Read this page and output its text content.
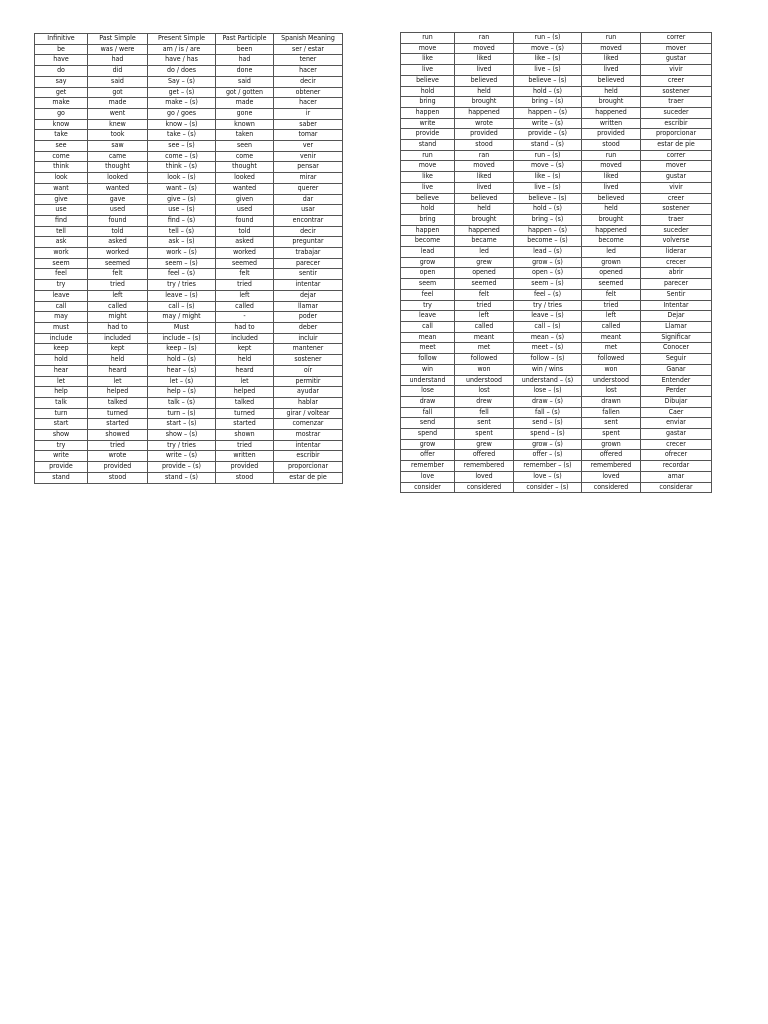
Infinitive	Past Simple	Present Simple	Past Participle	Spanish Meaning
be	was / were	am / is / are	been	ser / estar
have	had	have / has	had	tener
do	did	do / does	done	hacer
say	said	Say – (s)	said	decir
get	got	get – (s)	got / gotten	obtener
make	made	make – (s)	made	hacer
go	went	go / goes	gone	ir
know	knew	know – (s)	known	saber
take	took	take – (s)	taken	tomar
see	saw	see – (s)	seen	ver
come	came	come – (s)	come	venir
think	thought	think – (s)	thought	pensar
look	looked	look – (s)	looked	mirar
want	wanted	want – (s)	wanted	querer
give	gave	give – (s)	given	dar
use	used	use – (s)	used	usar
find	found	find – (s)	found	encontrar
tell	told	tell – (s)	told	decir
ask	asked	ask – (s)	asked	preguntar
work	worked	work – (s)	worked	trabajar
seem	seemed	seem – (s)	seemed	parecer
feel	felt	feel – (s)	felt	sentir
try	tried	try / tries	tried	intentar
leave	left	leave – (s)	left	dejar
call	called	call – (s)	called	llamar
may	might	may / might	-	poder
must	had to	Must	had to	deber
include	included	include – (s)	included	incluir
keep	kept	keep – (s)	kept	mantener
hold	held	hold – (s)	held	sostener
hear	heard	hear – (s)	heard	oír
let	let	let – (s)	let	permitir
help	helped	help – (s)	helped	ayudar
talk	talked	talk – (s)	talked	hablar
turn	turned	turn – (s)	turned	girar / voltear
start	started	start – (s)	started	comenzar
show	showed	show – (s)	shown	mostrar
try	tried	try / tries	tried	intentar
write	wrote	write – (s)	written	escribir
provide	provided	provide – (s)	provided	proporcionar
stand	stood	stand – (s)	stood	estar de pie
run	ran	run – (s)	run	correr
move	moved	move – (s)	moved	mover
like	liked	like – (s)	liked	gustar
live	lived	live – (s)	lived	vivir
believe	believed	believe – (s)	believed	creer
hold	held	hold – (s)	held	sostener
bring	brought	bring – (s)	brought	traer
happen	happened	happen – (s)	happened	suceder
write	wrote	write – (s)	written	escribir
provide	provided	provide – (s)	provided	proporcionar
stand	stood	stand – (s)	stood	estar de pie
run	ran	run – (s)	run	correr
move	moved	move – (s)	moved	mover
like	liked	like – (s)	liked	gustar
live	lived	live – (s)	lived	vivir
believe	believed	believe – (s)	believed	creer
hold	held	hold – (s)	held	sostener
bring	brought	bring – (s)	brought	traer
happen	happened	happen – (s)	happened	suceder
become	became	become – (s)	become	volverse
lead	led	lead – (s)	led	liderar
grow	grew	grow – (s)	grown	crecer
open	opened	open – (s)	opened	abrir
seem	seemed	seem – (s)	seemed	parecer
feel	felt	feel – (s)	felt	Sentir
try	tried	try / tries	tried	Intentar
leave	left	leave – (s)	left	Dejar
call	called	call – (s)	called	Llamar
mean	meant	mean – (s)	meant	Significar
meet	met	meet – (s)	met	Conocer
follow	followed	follow – (s)	followed	Seguir
win	won	win / wins	won	Ganar
understand	understood	understand – (s)	understood	Entender
lose	lost	lose – (s)	lost	Perder
draw	drew	draw – (s)	drawn	Dibujar
fall	fell	fall – (s)	fallen	Caer
send	sent	send – (s)	sent	enviar
spend	spent	spend – (s)	spent	gastar
grow	grew	grow – (s)	grown	crecer
offer	offered	offer – (s)	offered	ofrecer
remember	remembered	remember – (s)	remembered	recordar
love	loved	love – (s)	loved	amar
consider	considered	consider – (s)	considered	considerar
